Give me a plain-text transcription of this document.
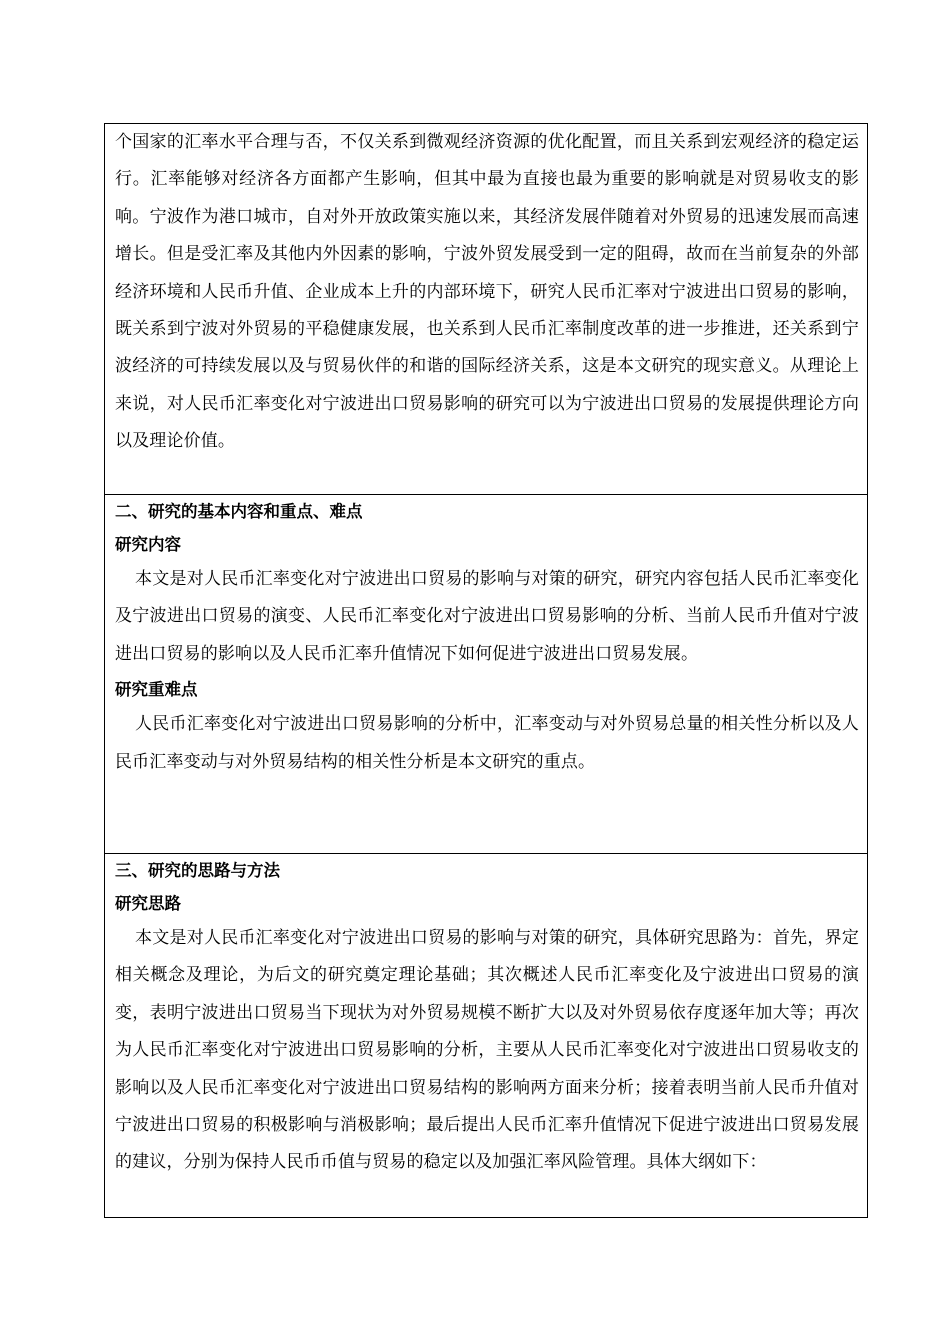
个国家的汇率水平合理与否，不仅关系到微观经济资源的优化配置，而且关系到宏观经济的稳定运行。汇率能够对经济各方面都产生影响，但其中最为直接也最为重要的影响就是对贸易收支的影响。宁波作为港口城市，自对外开放政策实施以来，其经济发展伴随着对外贸易的迅速发展而高速增长。但是受汇率及其他内外因素的影响，宁波外贸发展受到一定的阻碍，故而在当前复杂的外部经济环境和人民币升值、企业成本上升的内部环境下，研究人民币汇率对宁波进出口贸易的影响，既关系到宁波对外贸易的平稳健康发展，也关系到人民币汇率制度改革的进一步推进，还关系到宁波经济的可持续发展以及与贸易伙伴的和谐的国际经济关系，这是本文研究的现实意义。从理论上来说，对人民币汇率变化对宁波进出口贸易影响的研究可以为宁波进出口贸易的发展提供理论方向以及理论价值。

二、研究的基本内容和重点、难点

研究内容

本文是对人民币汇率变化对宁波进出口贸易的影响与对策的研究，研究内容包括人民币汇率变化及宁波进出口贸易的演变、人民币汇率变化对宁波进出口贸易影响的分析、当前人民币升值对宁波进出口贸易的影响以及人民币汇率升值情况下如何促进宁波进出口贸易发展。

研究重难点

人民币汇率变化对宁波进出口贸易影响的分析中，汇率变动与对外贸易总量的相关性分析以及人民币汇率变动与对外贸易结构的相关性分析是本文研究的重点。

三、研究的思路与方法

研究思路

本文是对人民币汇率变化对宁波进出口贸易的影响与对策的研究，具体研究思路为：首先，界定相关概念及理论，为后文的研究奠定理论基础；其次概述人民币汇率变化及宁波进出口贸易的演变，表明宁波进出口贸易当下现状为对外贸易规模不断扩大以及对外贸易依存度逐年加大等；再次为人民币汇率变化对宁波进出口贸易影响的分析，主要从人民币汇率变化对宁波进出口贸易收支的影响以及人民币汇率变化对宁波进出口贸易结构的影响两方面来分析；接着表明当前人民币升值对宁波进出口贸易的积极影响与消极影响；最后提出人民币汇率升值情况下促进宁波进出口贸易发展的建议，分别为保持人民币币值与贸易的稳定以及加强汇率风险管理。具体大纲如下：
